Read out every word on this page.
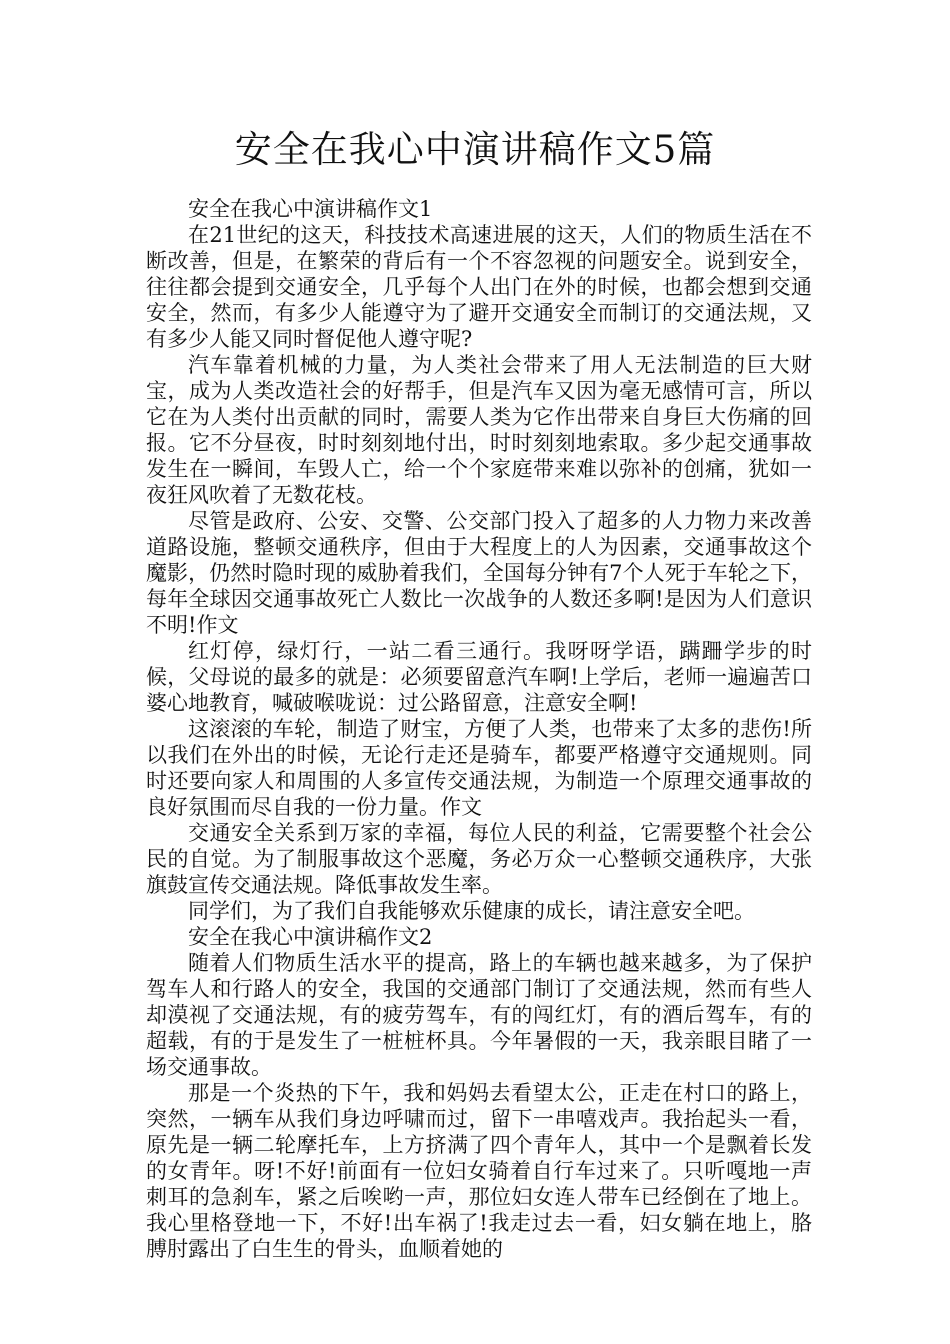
安全在我心中演讲稿作文5篇

安全在我心中演讲稿作文1

在21世纪的这天，科技技术高速进展的这天，人们的物质生活在不断改善，但是，在繁荣的背后有一个不容忽视的问题安全。说到安全，往往都会提到交通安全，几乎每个人出门在外的时候，也都会想到交通安全，然而，有多少人能遵守为了避开交通安全而制订的交通法规，又有多少人能又同时督促他人遵守呢?

汽车靠着机械的力量，为人类社会带来了用人无法制造的巨大财宝，成为人类改造社会的好帮手，但是汽车又因为毫无感情可言，所以它在为人类付出贡献的同时，需要人类为它作出带来自身巨大伤痛的回报。它不分昼夜，时时刻刻地付出，时时刻刻地索取。多少起交通事故发生在一瞬间，车毁人亡，给一个个家庭带来难以弥补的创痛，犹如一夜狂风吹着了无数花枝。

尽管是政府、公安、交警、公交部门投入了超多的人力物力来改善道路设施，整顿交通秩序，但由于大程度上的人为因素，交通事故这个魔影，仍然时隐时现的威胁着我们，全国每分钟有7个人死于车轮之下，每年全球因交通事故死亡人数比一次战争的人数还多啊!是因为人们意识不明!作文

红灯停，绿灯行，一站二看三通行。我呀呀学语，蹒跚学步的时候，父母说的最多的就是：必须要留意汽车啊!上学后，老师一遍遍苦口婆心地教育，喊破喉咙说：过公路留意，注意安全啊!

这滚滚的车轮，制造了财宝，方便了人类，也带来了太多的悲伤!所以我们在外出的时候，无论行走还是骑车，都要严格遵守交通规则。同时还要向家人和周围的人多宣传交通法规，为制造一个原理交通事故的良好氛围而尽自我的一份力量。作文

交通安全关系到万家的幸福，每位人民的利益，它需要整个社会公民的自觉。为了制服事故这个恶魔，务必万众一心整顿交通秩序，大张旗鼓宣传交通法规。降低事故发生率。

同学们，为了我们自我能够欢乐健康的成长，请注意安全吧。

安全在我心中演讲稿作文2

随着人们物质生活水平的提高，路上的车辆也越来越多，为了保护驾车人和行路人的安全，我国的交通部门制订了交通法规，然而有些人却漠视了交通法规，有的疲劳驾车，有的闯红灯，有的酒后驾车，有的超载，有的于是发生了一桩桩杯具。今年暑假的一天，我亲眼目睹了一场交通事故。

那是一个炎热的下午，我和妈妈去看望太公，正走在村口的路上，突然，一辆车从我们身边呼啸而过，留下一串嘻戏声。我抬起头一看，原先是一辆二轮摩托车，上方挤满了四个青年人，其中一个是飘着长发的女青年。呀!不好!前面有一位妇女骑着自行车过来了。只听嘎地一声刺耳的急刹车，紧之后唉哟一声，那位妇女连人带车已经倒在了地上。我心里格登地一下，不好!出车祸了!我走过去一看，妇女躺在地上，胳膊肘露出了白生生的骨头，血顺着她的
